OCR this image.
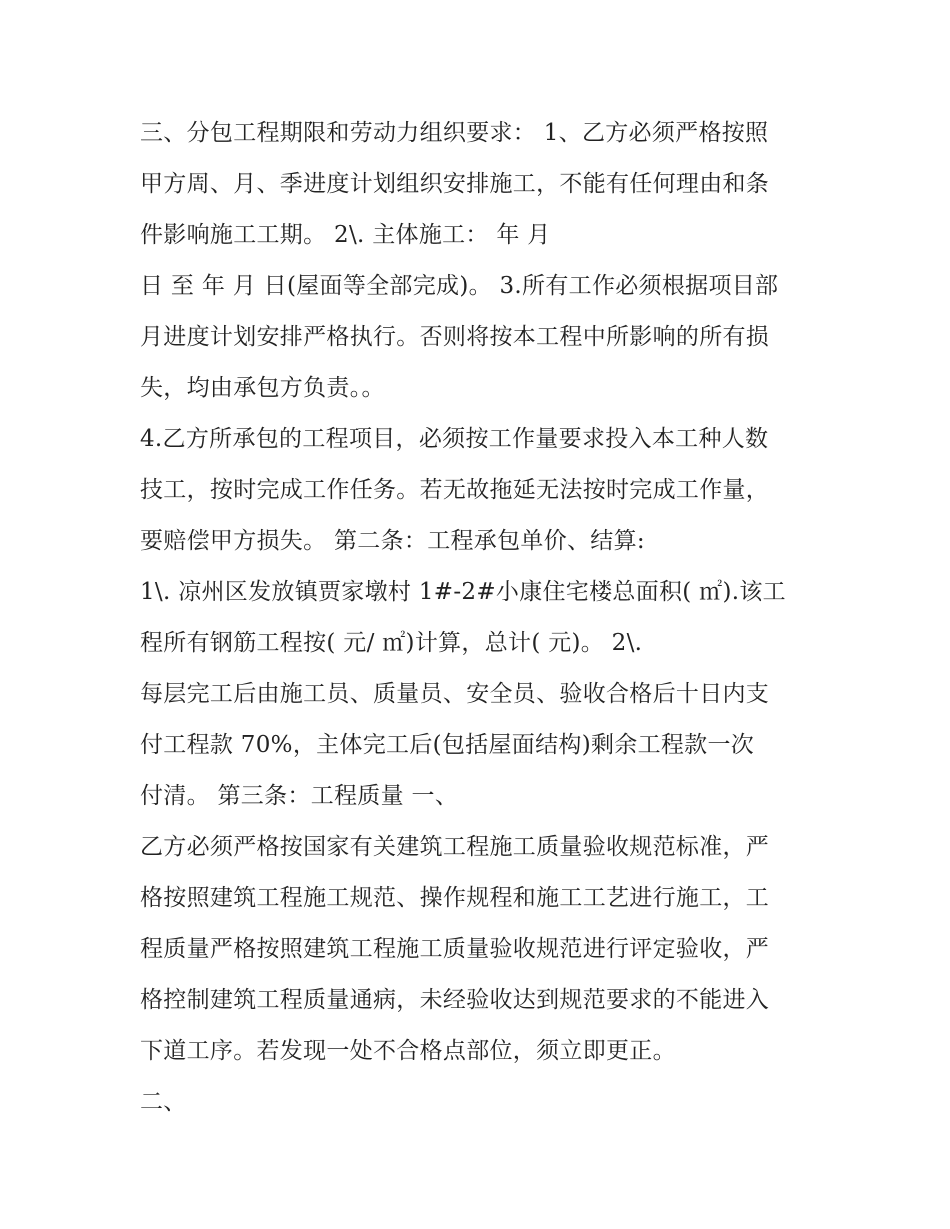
三、分包工程期限和劳动力组织要求： 1、乙方必须严格按照
甲方周、月、季进度计划组织安排施工，不能有任何理由和条
件影响施工工期。 2\. 主体施工： 年 月
日 至 年 月 日(屋面等全部完成)。 3.所有工作必须根据项目部
月进度计划安排严格执行。否则将按本工程中所影响的所有损
失，均由承包方负责。。
4.乙方所承包的工程项目，必须按工作量要求投入本工种人数
技工，按时完成工作任务。若无故拖延无法按时完成工作量，
要赔偿甲方损失。 第二条：工程承包单价、结算:
1\. 凉州区发放镇贾家墩村 1#-2#小康住宅楼总面积( ㎡).该工
程所有钢筋工程按( 元/ ㎡)计算，总计( 元)。 2\.
每层完工后由施工员、质量员、安全员、验收合格后十日内支
付工程款 70%，主体完工后(包括屋面结构)剩余工程款一次
付清。 第三条：工程质量 一、
乙方必须严格按国家有关建筑工程施工质量验收规范标准，严
格按照建筑工程施工规范、操作规程和施工工艺进行施工，工
程质量严格按照建筑工程施工质量验收规范进行评定验收，严
格控制建筑工程质量通病，未经验收达到规范要求的不能进入
下道工序。若发现一处不合格点部位，须立即更正。
二、
